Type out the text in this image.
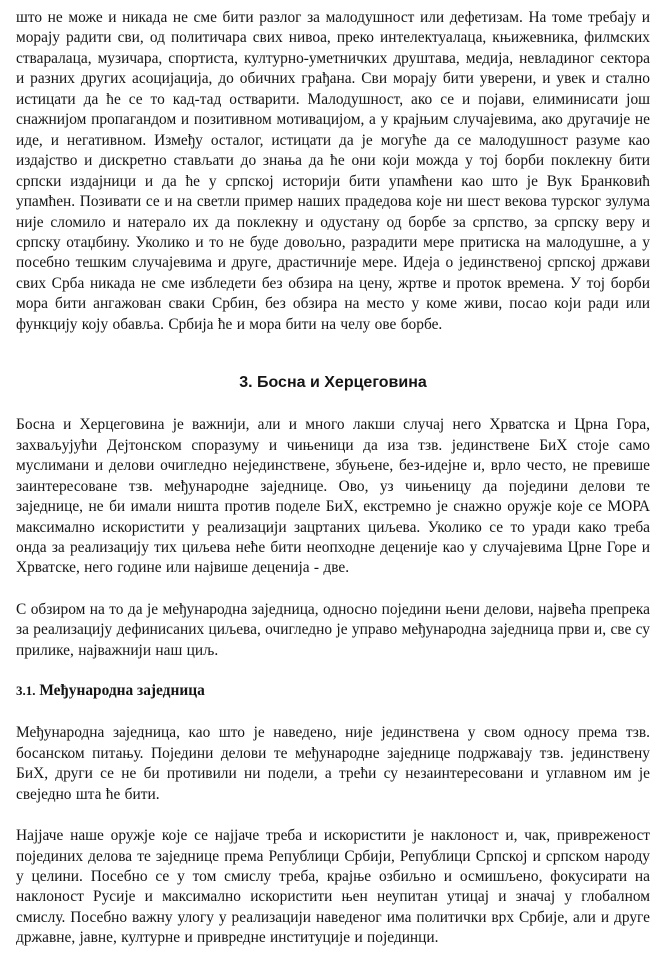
што не може и никада не сме бити разлог за малодушност или дефетизам. На томе требају и морају радити сви, од политичара свих нивоа, преко интелектуалаца, књижевника, филмских стваралаца, музичара, спортиста, културно-уметничких друштава, медија, невладиног сектора и разних других асоцијација, до обичних грађана. Сви морају бити уверени, и увек и стално истицати да ће се то кад-тад остварити. Малодушност, ако се и појави, елиминисати још снажнијом пропагандом и позитивном мотивацијом, а у крајњим случајевима, ако другачије не иде, и негативном. Између осталог, истицати да је могуће да се малодушност разуме као издајство и дискретно стављати до знања да ће они који можда у тој борби поклекну бити српски издајници и да ће у српској историји бити упамћени као што је Вук Бранковић упамћен. Позивати се и на светли пример наших прадедова које ни шест векова турског зулума није сломило и натерало их да поклекну и одустану од борбе за српство, за српску веру и српску отаџбину. Уколико и то не буде довољно, разрадити мере притиска на малодушне, а у посебно тешким случајевима и друге, драстичније мере. Идеја о јединственој српској држави свих Срба никада не сме избледети без обзира на цену, жртве и проток времена. У тој борби мора бити ангажован сваки Србин, без обзира на место у коме живи, посао који ради или функцију коју обавља. Србија ће и мора бити на челу ове борбе.

3. Босна и Херцеговина

Босна и Херцеговина је важнији, али и много лакши случај него Хрватска и Црна Гора, захваљујући Дејтонском споразуму и чињеници да иза тзв. јединствене БиХ стоје само муслимани и делови очигледно нејединствене, збуњене, без-идејне и, врло често, не превише заинтересоване тзв. међународне заједнице. Ово, уз чињеницу да поједини делови те заједнице, не би имали ништа против поделе БиХ, екстремно је снажно оружје које се МОРА максимално искористити у реализацији зацртаних циљева. Уколико се то уради како треба онда за реализацију тих циљева неће бити неопходне деценије као у случајевима Црне Горе и Хрватске, него године или највише деценија - две.

С обзиром на то да је међународна заједница, односно поједини њени делови, највећа препрека за реализацију дефинисаних циљева, очигледно је управо међународна заједница први и, све су прилике, најважнији наш циљ.

3.1. Међународна заједница

Међународна заједница, као што је наведено, није јединствена у свом односу према тзв. босанском питању. Поједини делови те међународне заједнице подржавају тзв. јединствену БиХ, други се не би противили ни подели, а трећи су незаинтересовани и углавном им је свеједно шта ће бити.

Најјаче наше оружје које се најјаче треба и искористити је наклоност и, чак, привреженост појединих делова те заједнице према Републици Србији, Републици Српској и српском народу у целини. Посебно се у том смислу треба, крајње озбиљно и осмишљено, фокусирати на наклоност Русије и максимално искористити њен неупитан утицај и значај у глобалном смислу. Посебно важну улогу у реализацији наведеног има политички врх Србије, али и друге државне, јавне, културне и привредне институције и појединци.
